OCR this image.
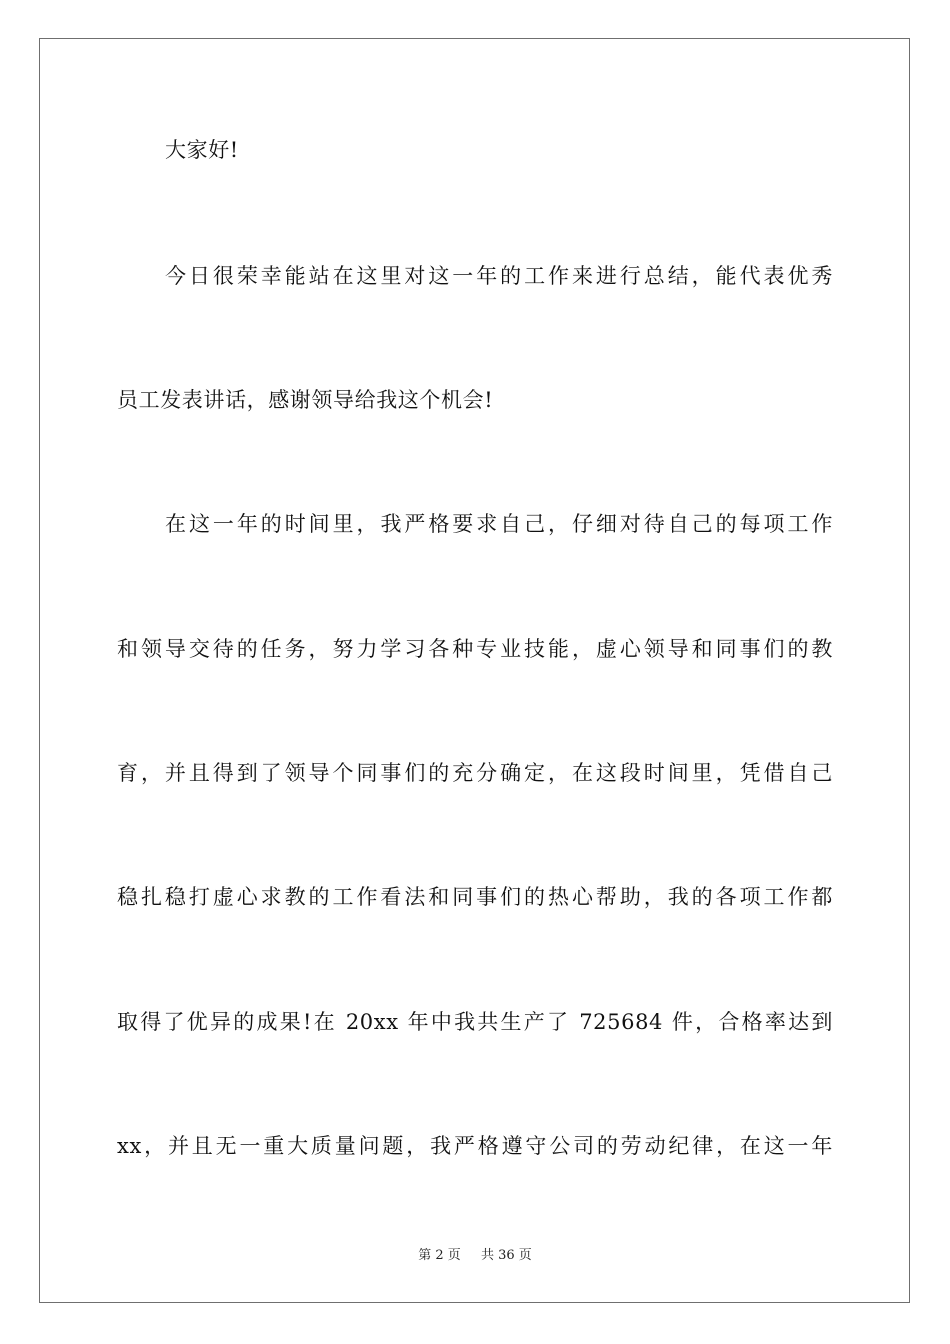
大家好!
今日很荣幸能站在这里对这一年的工作来进行总结，能代表优秀
员工发表讲话，感谢领导给我这个机会!
在这一年的时间里，我严格要求自己，仔细对待自己的每项工作
和领导交待的任务，努力学习各种专业技能，虚心领导和同事们的教
育，并且得到了领导个同事们的充分确定，在这段时间里，凭借自己
稳扎稳打虚心求教的工作看法和同事们的热心帮助，我的各项工作都
取得了优异的成果!在 20xx 年中我共生产了 725684 件，合格率达到
xx，并且无一重大质量问题，我严格遵守公司的劳动纪律，在这一年
第 2 页 共 36 页
